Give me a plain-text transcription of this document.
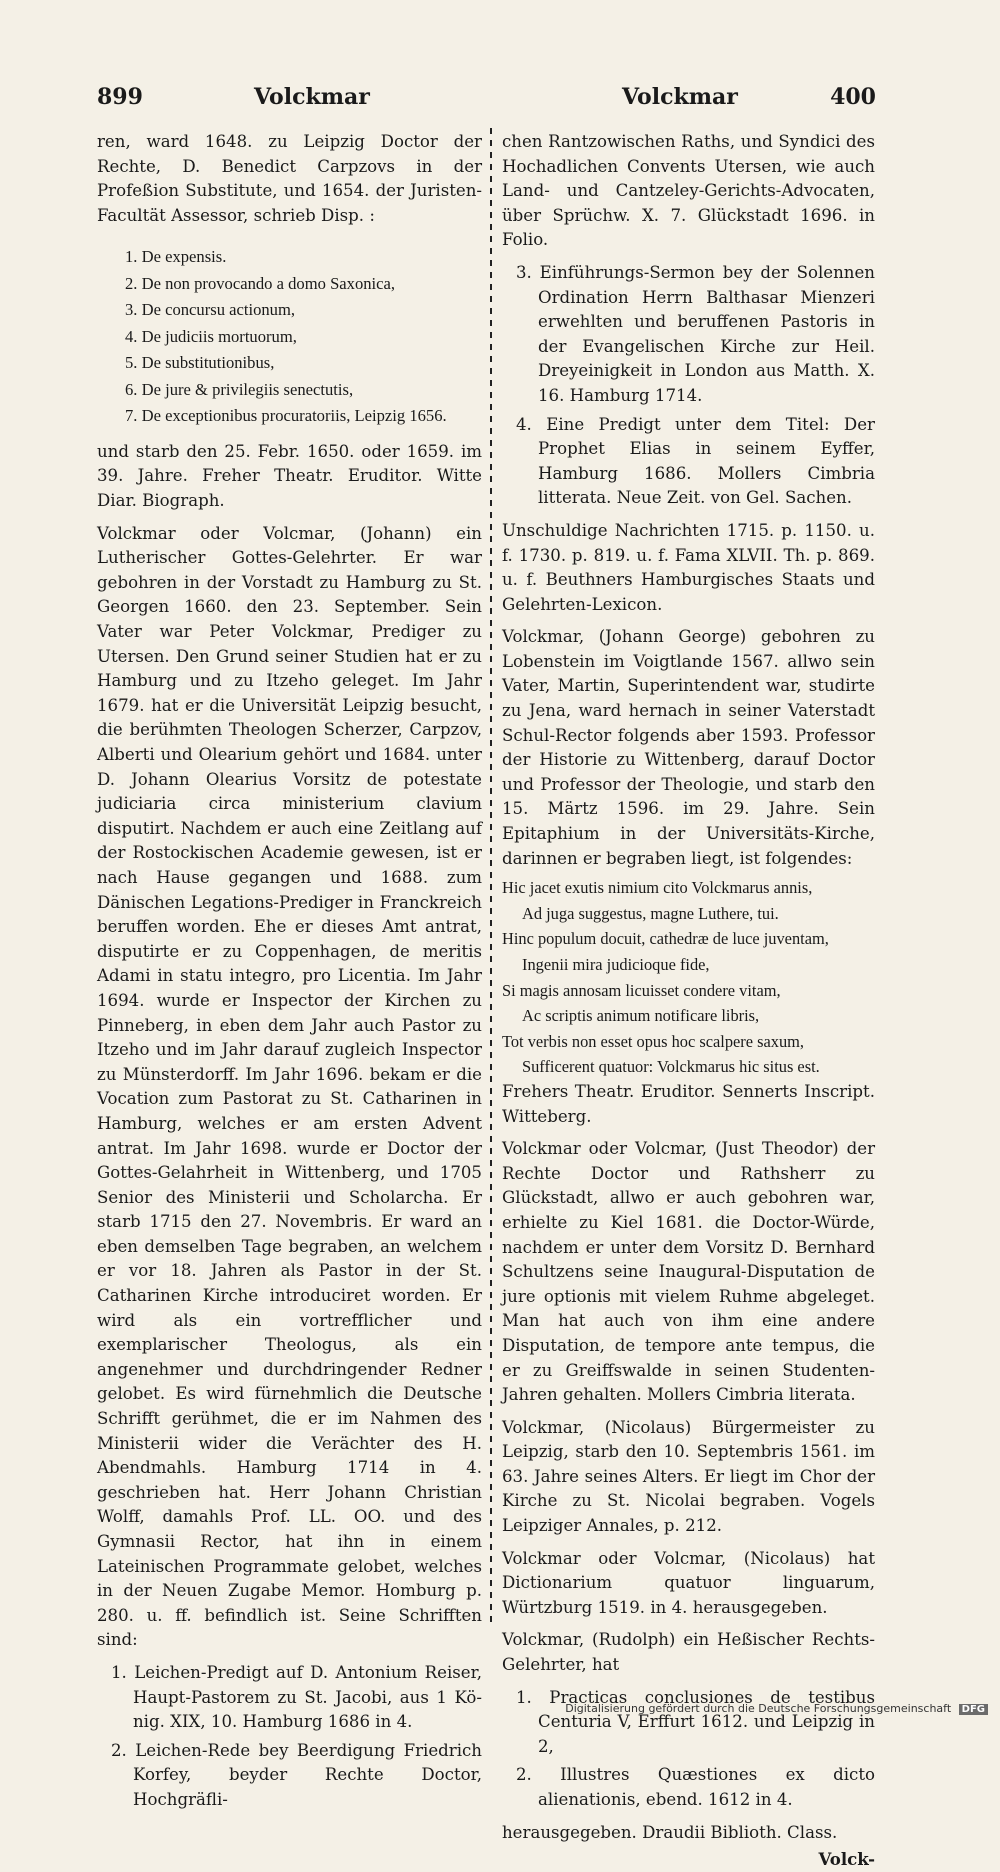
899	Volckmar	Volckmar	400

ren, ward 1648. zu Leipzig Doctor der Rechte, D. Benedict Carpzovs in der Profeßion Substitute, und 1654. der Juristen-Facultät Assessor, schrieb Disp. :

1. De expensis.
2. De non provocando a domo Saxonica,
3. De concursu actionum,
4. De judiciis mortuorum,
5. De substitutionibus,
6. De jure & privilegiis senectutis,
7. De exceptionibus procuratoriis, Leipzig 1656.

und starb den 25. Febr. 1650. oder 1659. im 39. Jahre. Freher Theatr. Eruditor. Witte Diar. Biograph.

Volckmar oder Volcmar, (Johann) ein Lutherischer Gottes-Gelehrter. Er war gebohren in der Vorstadt zu Hamburg zu St. Georgen 1660. den 23. September. Sein Vater war Peter Volckmar, Prediger zu Utersen. Den Grund seiner Studien hat er zu Hamburg und zu Itzeho geleget. Im Jahr 1679. hat er die Universität Leipzig besucht, die berühmten Theologen Scherzer, Carpzov, Alberti und Olearium gehört und 1684. unter D. Johann Olearius Vorsitz de potestate judiciaria circa ministerium clavium disputirt. Nachdem er auch eine Zeitlang auf der Rostockischen Academie gewesen, ist er nach Hause gegangen und 1688. zum Dänischen Legations-Prediger in Franckreich beruffen worden. Ehe er dieses Amt antrat, disputirte er zu Coppenhagen, de meritis Adami in statu integro, pro Licentia. Im Jahr 1694. wurde er Inspector der Kirchen zu Pinneberg, in eben dem Jahr auch Pastor zu Itzeho und im Jahr darauf zugleich Inspector zu Münsterdorff. Im Jahr 1696. bekam er die Vocation zum Pastorat zu St. Catharinen in Hamburg, welches er am ersten Advent antrat. Im Jahr 1698. wurde er Doctor der Gottes-Gelahrheit in Wittenberg, und 1705 Senior des Ministerii und Scholarcha. Er starb 1715 den 27. Novembris. Er ward an eben demselben Tage begraben, an welchem er vor 18. Jahren als Pastor in der St. Catharinen Kirche introduciret worden. Er wird als ein vortrefflicher und exemplarischer Theologus, als ein angenehmer und durchdringender Redner gelobet. Es wird fürnehmlich die Deutsche Schrifft gerühmet, die er im Nahmen des Ministerii wider die Verächter des H. Abendmahls. Hamburg 1714 in 4. geschrieben hat. Herr Johann Christian Wolff, damahls Prof. LL. OO. und des Gymnasii Rector, hat ihn in einem Lateinischen Programmate gelobet, welches in der Neuen Zugabe Memor. Homburg p. 280. u. ff. befindlich ist. Seine Schrifften sind:

1. Leichen-Predigt auf D. Antonium Reiser, Haupt-Pastorem zu St. Jacobi, aus 1 Kö- nig. XIX, 10. Hamburg 1686 in 4.
2. Leichen-Rede bey Beerdigung Friedrich Korfey, beyder Rechte Doctor, Hochgräfli-

chen Rantzowischen Raths, und Syndici des Hochadlichen Convents Utersen, wie auch Land- und Cantzeley-Gerichts-Advocaten, über Sprüchw. X. 7. Glückstadt 1696. in Folio.

3. Einführungs-Sermon bey der Solennen Ordination Herrn Balthasar Mienzeri erwehlten und beruffenen Pastoris in der Evangelischen Kirche zur Heil. Dreyeinigkeit in London aus Matth. X. 16. Hamburg 1714.
4. Eine Predigt unter dem Titel: Der Prophet Elias in seinem Eyffer, Hamburg 1686. Mollers Cimbria litterata. Neue Zeit. von Gel. Sachen.

Unschuldige Nachrichten 1715. p. 1150. u. f. 1730. p. 819. u. f. Fama XLVII. Th. p. 869. u. f. Beuthners Hamburgisches Staats und Gelehrten-Lexicon.

Volckmar, (Johann George) gebohren zu Lobenstein im Voigtlande 1567. allwo sein Vater, Martin, Superintendent war, studirte zu Jena, ward hernach in seiner Vaterstadt Schul-Rector folgends aber 1593. Professor der Historie zu Wittenberg, darauf Doctor und Professor der Theologie, und starb den 15. Märtz 1596. im 29. Jahre. Sein Epitaphium in der Universitäts-Kirche, darinnen er begraben liegt, ist folgendes:

Hic jacet exutis nimium cito Volckmarus annis,
Ad juga suggestus, magne Luthere, tui.
Hinc populum docuit, cathedræ de luce juventam,
Ingenii mira judicioque fide,
Si magis annosam licuisset condere vitam,
Ac scriptis animum notificare libris,
Tot verbis non esset opus hoc scalpere saxum,
Sufficerent quatuor: Volckmarus hic situs est.

Frehers Theatr. Eruditor. Sennerts Inscript. Witteberg.

Volckmar oder Volcmar, (Just Theodor) der Rechte Doctor und Rathsherr zu Glückstadt, allwo er auch gebohren war, erhielte zu Kiel 1681. die Doctor-Würde, nachdem er unter dem Vorsitz D. Bernhard Schultzens seine Inaugural-Disputation de jure optionis mit vielem Ruhme abgeleget. Man hat auch von ihm eine andere Disputation, de tempore ante tempus, die er zu Greiffswalde in seinen Studenten-Jahren gehalten. Mollers Cimbria literata.

Volckmar, (Nicolaus) Bürgermeister zu Leipzig, starb den 10. Septembris 1561. im 63. Jahre seines Alters. Er liegt im Chor der Kirche zu St. Nicolai begraben. Vogels Leipziger Annales, p. 212.

Volckmar oder Volcmar, (Nicolaus) hat Dictionarium quatuor linguarum, Würtzburg 1519. in 4. herausgegeben.

Volckmar, (Rudolph) ein Heßischer Rechts-Gelehrter, hat

1. Practicas conclusiones de testibus Centuria V, Erffurt 1612. und Leipzig in 2,
2. Illustres Quæstiones ex dicto alienationis, ebend. 1612 in 4.

herausgegeben. Draudii Biblioth. Class.

Volck-

Digitalisierung gefördert durch die Deutsche Forschungsgemeinschaft DFG
